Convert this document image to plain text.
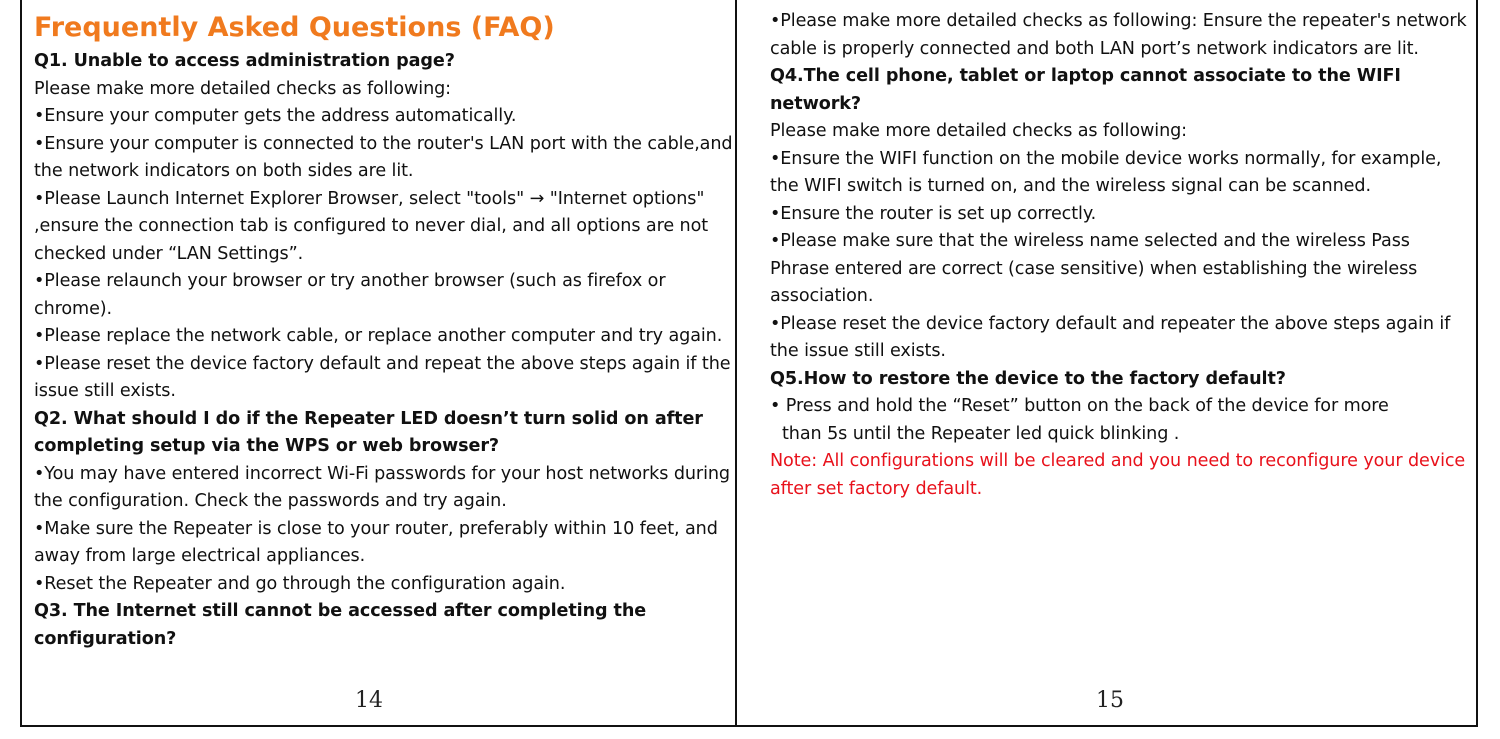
Frequently Asked Questions (FAQ)

Q1. Unable to access administration page?

Please make more detailed checks as following:

•Ensure your computer gets the address automatically.

•Ensure your computer is connected to the router's LAN port with the cable,and the network indicators on both sides are lit.

•Please Launch Internet Explorer Browser, select "tools" → "Internet options" ,ensure the connection tab is configured to never dial, and all options are not checked under “LAN Settings”.

•Please relaunch your browser or try another browser (such as firefox or chrome).

•Please replace the network cable, or replace another computer and try again.

•Please reset the device factory default and repeat the above steps again if the issue still exists.

Q2. What should I do if the Repeater LED doesn’t turn solid on after completing setup via the WPS or web browser?

•You may have entered incorrect Wi-Fi passwords for your host networks during the configuration. Check the passwords and try again.

•Make sure the Repeater is close to your router, preferably within 10 feet, and away from large electrical appliances.

•Reset the Repeater and go through the configuration again.

Q3. The Internet still cannot be accessed after completing the configuration?

14

•Please make more detailed checks as following: Ensure the repeater's network cable is properly connected and both LAN port’s network indicators are lit.

Q4.The cell phone, tablet or laptop cannot associate to the WIFI network?

Please make more detailed checks as following:

•Ensure the WIFI function on the mobile device works normally, for example, the WIFI switch is turned on, and the wireless signal can be scanned.

•Ensure the router is set up correctly.

•Please make sure that the wireless name selected and the wireless Pass Phrase entered are correct (case sensitive) when establishing the wireless association.

•Please reset the device factory default and repeater the above steps again if the issue still exists.

Q5.How to restore the device to the factory default?

• Press and hold the “Reset” button on the back of the device for more

than 5s until the Repeater led quick blinking .

Note: All configurations will be cleared and you need to reconfigure your device after set factory default.

15
